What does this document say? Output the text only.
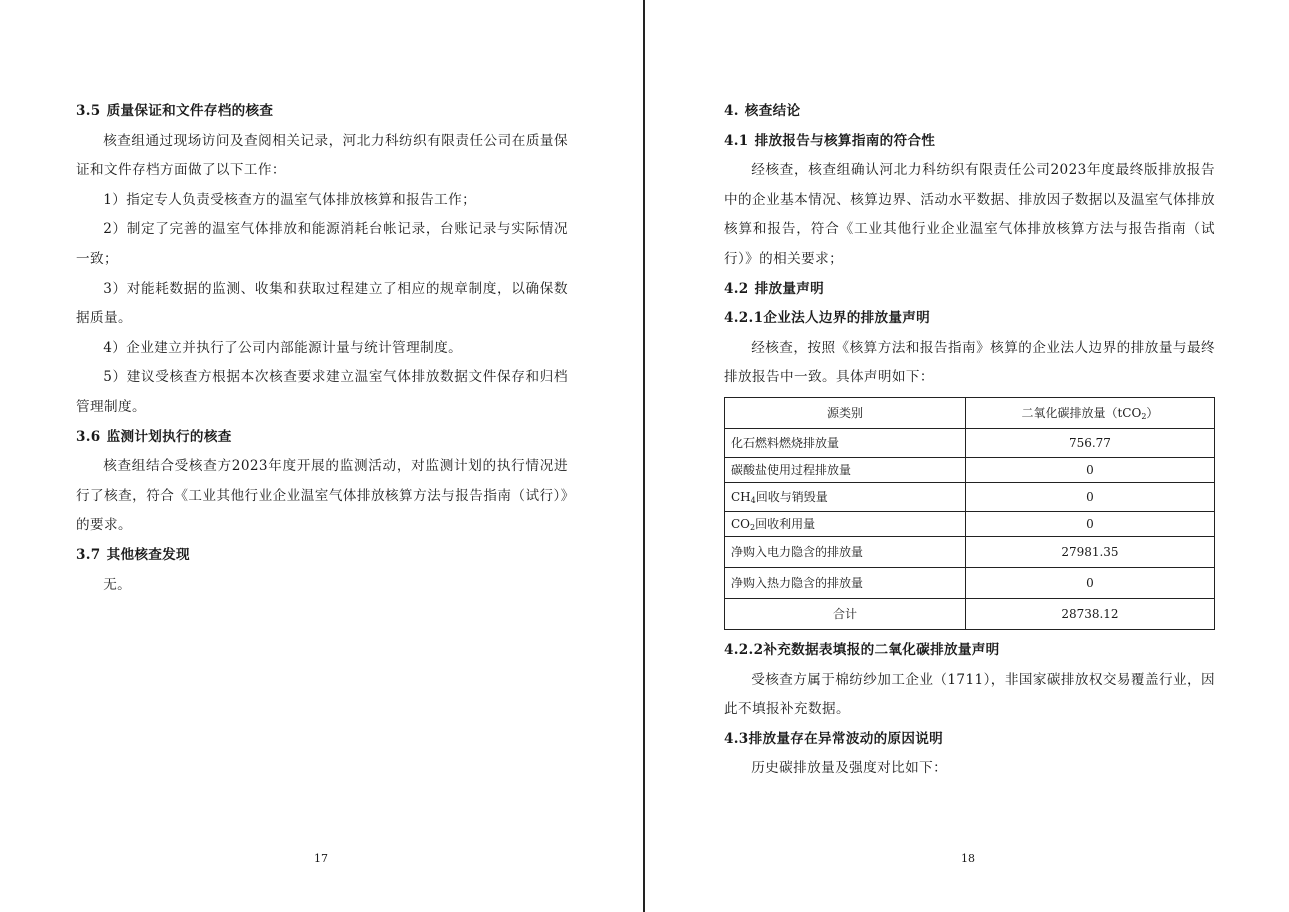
3.5 质量保证和文件存档的核查

核查组通过现场访问及查阅相关记录，河北力科纺织有限责任公司在质量保证和文件存档方面做了以下工作：

1）指定专人负责受核查方的温室气体排放核算和报告工作；

2）制定了完善的温室气体排放和能源消耗台帐记录，台账记录与实际情况一致；

3）对能耗数据的监测、收集和获取过程建立了相应的规章制度，以确保数据质量。

4）企业建立并执行了公司内部能源计量与统计管理制度。

5）建议受核查方根据本次核查要求建立温室气体排放数据文件保存和归档管理制度。

3.6 监测计划执行的核查

核查组结合受核查方2023年度开展的监测活动，对监测计划的执行情况进行了核查，符合《工业其他行业企业温室气体排放核算方法与报告指南（试行）》的要求。

3.7 其他核查发现

无。

17
4. 核查结论
4.1 排放报告与核算指南的符合性

经核查，核查组确认河北力科纺织有限责任公司2023年度最终版排放报告中的企业基本情况、核算边界、活动水平数据、排放因子数据以及温室气体排放核算和报告，符合《工业其他行业企业温室气体排放核算方法与报告指南（试行）》的相关要求；

4.2 排放量声明
4.2.1企业法人边界的排放量声明

经核查，按照《核算方法和报告指南》核算的企业法人边界的排放量与最终排放报告中一致。具体声明如下：

源类别	二氧化碳排放量（tCO$_2$）
化石燃料燃烧排放量	756.77
碳酸盐使用过程排放量	0
$CH_4$回收与销毁量	0
$CO_2$回收利用量	0
净购入电力隐含的排放量	27981.35
净购入热力隐含的排放量	0
合计	28738.12
4.2.2补充数据表填报的二氧化碳排放量声明

受核查方属于棉纺纱加工企业（1711），非国家碳排放权交易覆盖行业，因此不填报补充数据。

4.3排放量存在异常波动的原因说明

历史碳排放量及强度对比如下：

18
